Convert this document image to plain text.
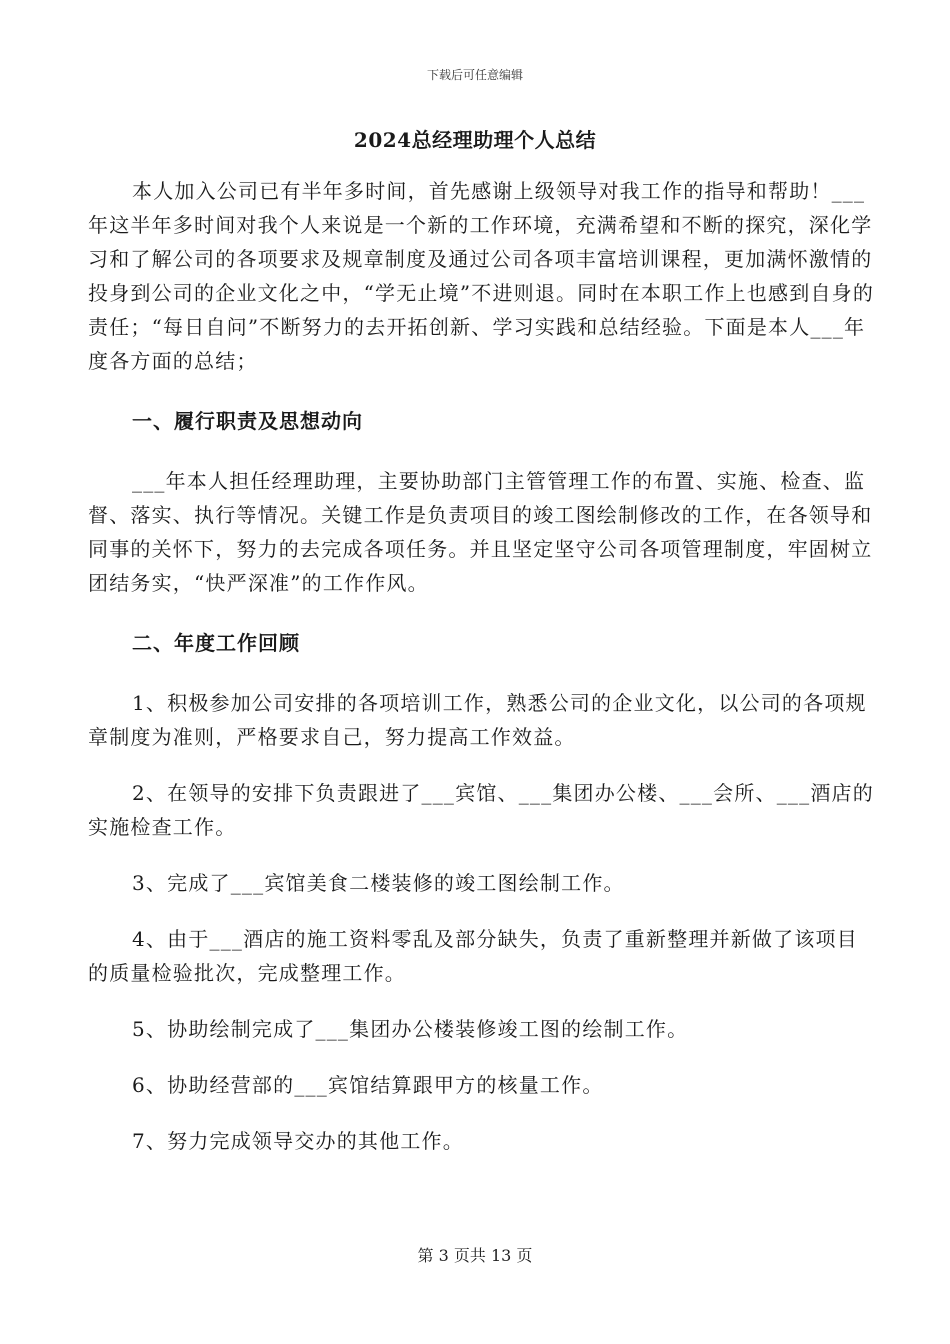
下载后可任意编辑
2024总经理助理个人总结

本人加入公司已有半年多时间，首先感谢上级领导对我工作的指导和帮助！___年这半年多时间对我个人来说是一个新的工作环境，充满希望和不断的探究，深化学习和了解公司的各项要求及规章制度及通过公司各项丰富培训课程，更加满怀激情的投身到公司的企业文化之中，“学无止境”不进则退。同时在本职工作上也感到自身的责任；“每日自问”不断努力的去开拓创新、学习实践和总结经验。下面是本人___年度各方面的总结；

一、履行职责及思想动向

___年本人担任经理助理，主要协助部门主管管理工作的布置、实施、检查、监督、落实、执行等情况。关键工作是负责项目的竣工图绘制修改的工作，在各领导和同事的关怀下，努力的去完成各项任务。并且坚定坚守公司各项管理制度，牢固树立团结务实，“快严深准”的工作作风。

二、年度工作回顾

1、积极参加公司安排的各项培训工作，熟悉公司的企业文化，以公司的各项规章制度为准则，严格要求自己，努力提高工作效益。

2、在领导的安排下负责跟进了___宾馆、___集团办公楼、___会所、___酒店的实施检查工作。

3、完成了___宾馆美食二楼装修的竣工图绘制工作。

4、由于___酒店的施工资料零乱及部分缺失，负责了重新整理并新做了该项目的质量检验批次，完成整理工作。

5、协助绘制完成了___集团办公楼装修竣工图的绘制工作。

6、协助经营部的___宾馆结算跟甲方的核量工作。

7、努力完成领导交办的其他工作。

第 3 页共 13 页
